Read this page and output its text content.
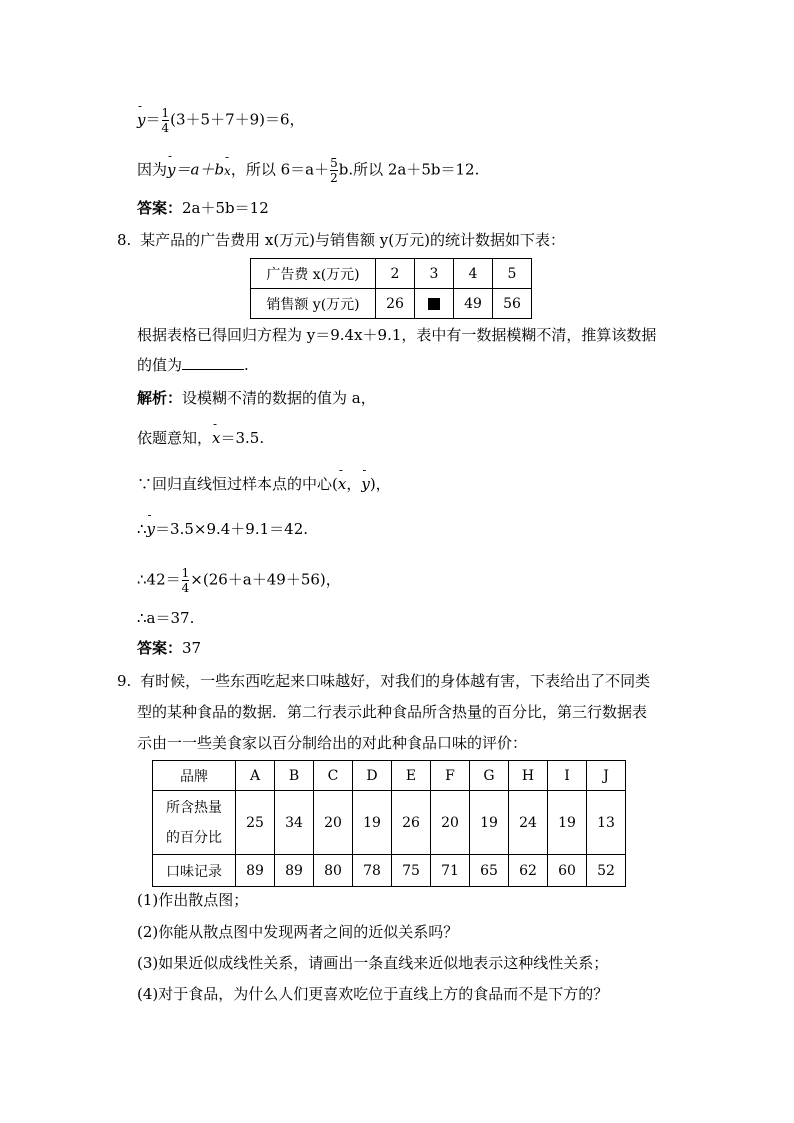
- $y= \frac{1}{4} (3+5+7+9)=6$，
因为- y＝a＋b- x，所以 $6=a+ \frac{5}{2} b$.所以 2a＋5b＝12.
答案：2a＋5b＝12
8. 某产品的广告费用 x(万元)与销售额 y(万元)的统计数据如下表：
广告费 x(万元)	2	3	4	5
销售额 y(万元)	26		49	56
根据表格已得回归方程为 y＝9.4x＋9.1，表中有一数据模糊不清，推算该数据
的值为	.
解析：设模糊不清的数据的值为 a，
依题意知，- x＝3.5.
∵回归直线恒过样本点的中心(- x，- y)，
∴- y＝3.5×9.4＋9.1＝42.
∴42＝ $\frac{1}{4} \times(26+a+49+56)$，
∴a＝37.
答案：37
9. 有时候，一些东西吃起来口味越好，对我们的身体越有害，下表给出了不同类
型的某种食品的数据．第二行表示此种食品所含热量的百分比，第三行数据表
示由一一些美食家以百分制给出的对此种食品口味的评价：
品牌	A	B	C	D	E	F	G	H	I	J
所含热量
的百分比	25	34	20	19	26	20	19	24	19	13
口味记录	89	89	80	78	75	71	65	62	60	52
(1)作出散点图；
(2)你能从散点图中发现两者之间的近似关系吗？
(3)如果近似成线性关系，请画出一条直线来近似地表示这种线性关系；
(4)对于食品，为什么人们更喜欢吃位于直线上方的食品而不是下方的？
